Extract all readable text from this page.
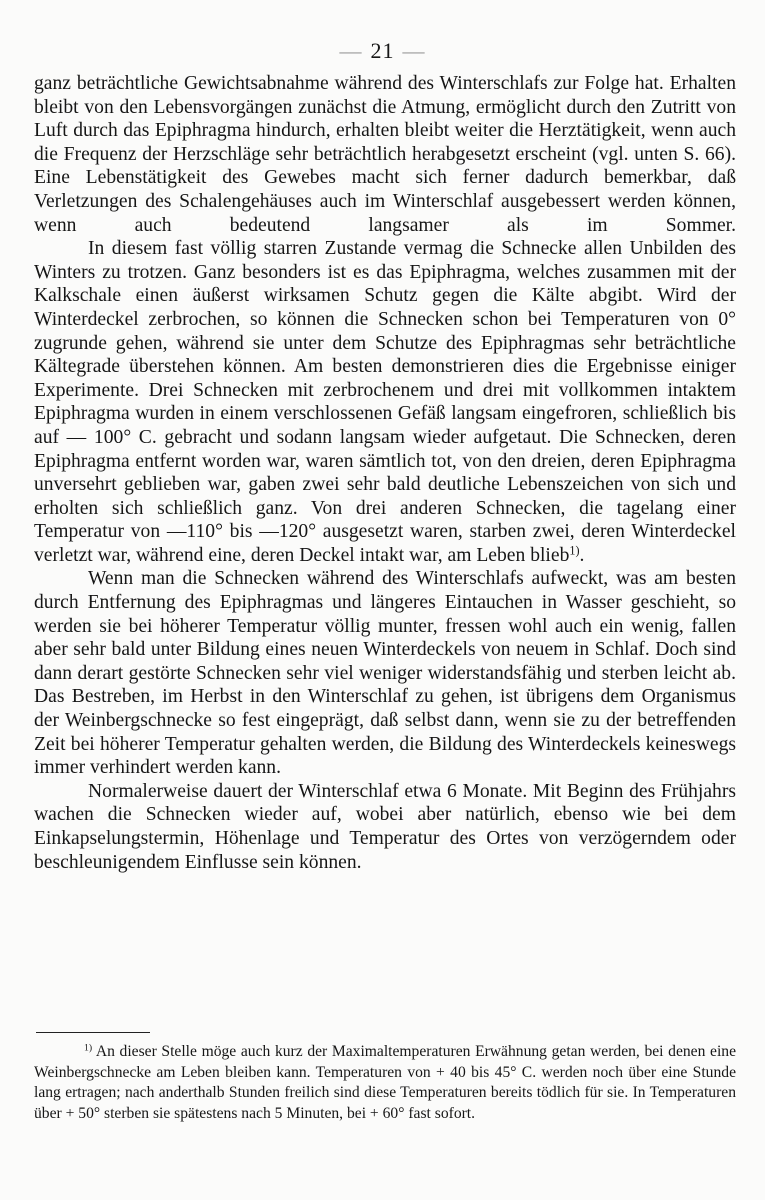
— 21 —

ganz beträchtliche Gewichtsabnahme während des Winterschlafs zur Folge hat. Erhalten bleibt von den Lebensvorgängen zunächst die Atmung, ermöglicht durch den Zutritt von Luft durch das Epiphragma hindurch, erhalten bleibt weiter die Herztätigkeit, wenn auch die Frequenz der Herzschläge sehr beträchtlich herabgesetzt erscheint (vgl. unten S. 66). Eine Lebenstätigkeit des Gewebes macht sich ferner dadurch bemerkbar, daß Verletzungen des Schalengehäuses auch im Winterschlaf ausgebessert werden können, wenn auch bedeutend langsamer als im Sommer.

In diesem fast völlig starren Zustande vermag die Schnecke allen Unbilden des Winters zu trotzen. Ganz besonders ist es das Epiphragma, welches zusammen mit der Kalkschale einen äußerst wirksamen Schutz gegen die Kälte abgibt. Wird der Winterdeckel zerbrochen, so können die Schnecken schon bei Temperaturen von 0° zugrunde gehen, während sie unter dem Schutze des Epiphragmas sehr beträchtliche Kältegrade überstehen können. Am besten demonstrieren dies die Ergebnisse einiger Experimente. Drei Schnecken mit zerbrochenem und drei mit vollkommen intaktem Epiphragma wurden in einem verschlossenen Gefäß langsam eingefroren, schließlich bis auf — 100° C. gebracht und sodann langsam wieder aufgetaut. Die Schnecken, deren Epiphragma entfernt worden war, waren sämtlich tot, von den dreien, deren Epiphragma unversehrt geblieben war, gaben zwei sehr bald deutliche Lebenszeichen von sich und erholten sich schließlich ganz. Von drei anderen Schnecken, die tagelang einer Temperatur von —110° bis —120° ausgesetzt waren, starben zwei, deren Winterdeckel verletzt war, während eine, deren Deckel intakt war, am Leben blieb$^{1)}$.

Wenn man die Schnecken während des Winterschlafs aufweckt, was am besten durch Entfernung des Epiphragmas und längeres Eintauchen in Wasser geschieht, so werden sie bei höherer Temperatur völlig munter, fressen wohl auch ein wenig, fallen aber sehr bald unter Bildung eines neuen Winterdeckels von neuem in Schlaf. Doch sind dann derart gestörte Schnecken sehr viel weniger widerstandsfähig und sterben leicht ab. Das Bestreben, im Herbst in den Winterschlaf zu gehen, ist übrigens dem Organismus der Weinbergschnecke so fest eingeprägt, daß selbst dann, wenn sie zu der betreffenden Zeit bei höherer Temperatur gehalten werden, die Bildung des Winterdeckels keineswegs immer verhindert werden kann.

Normalerweise dauert der Winterschlaf etwa 6 Monate. Mit Beginn des Frühjahrs wachen die Schnecken wieder auf, wobei aber natürlich, ebenso wie bei dem Einkapselungstermin, Höhenlage und Temperatur des Ortes von verzögerndem oder beschleunigendem Einflusse sein können.

$^{1)}$ An dieser Stelle möge auch kurz der Maximaltemperaturen Erwähnung getan werden, bei denen eine Weinbergschnecke am Leben bleiben kann. Temperaturen von + 40 bis 45° C. werden noch über eine Stunde lang ertragen; nach anderthalb Stunden freilich sind diese Temperaturen bereits tödlich für sie. In Temperaturen über + 50° sterben sie spätestens nach 5 Minuten, bei + 60° fast sofort.
